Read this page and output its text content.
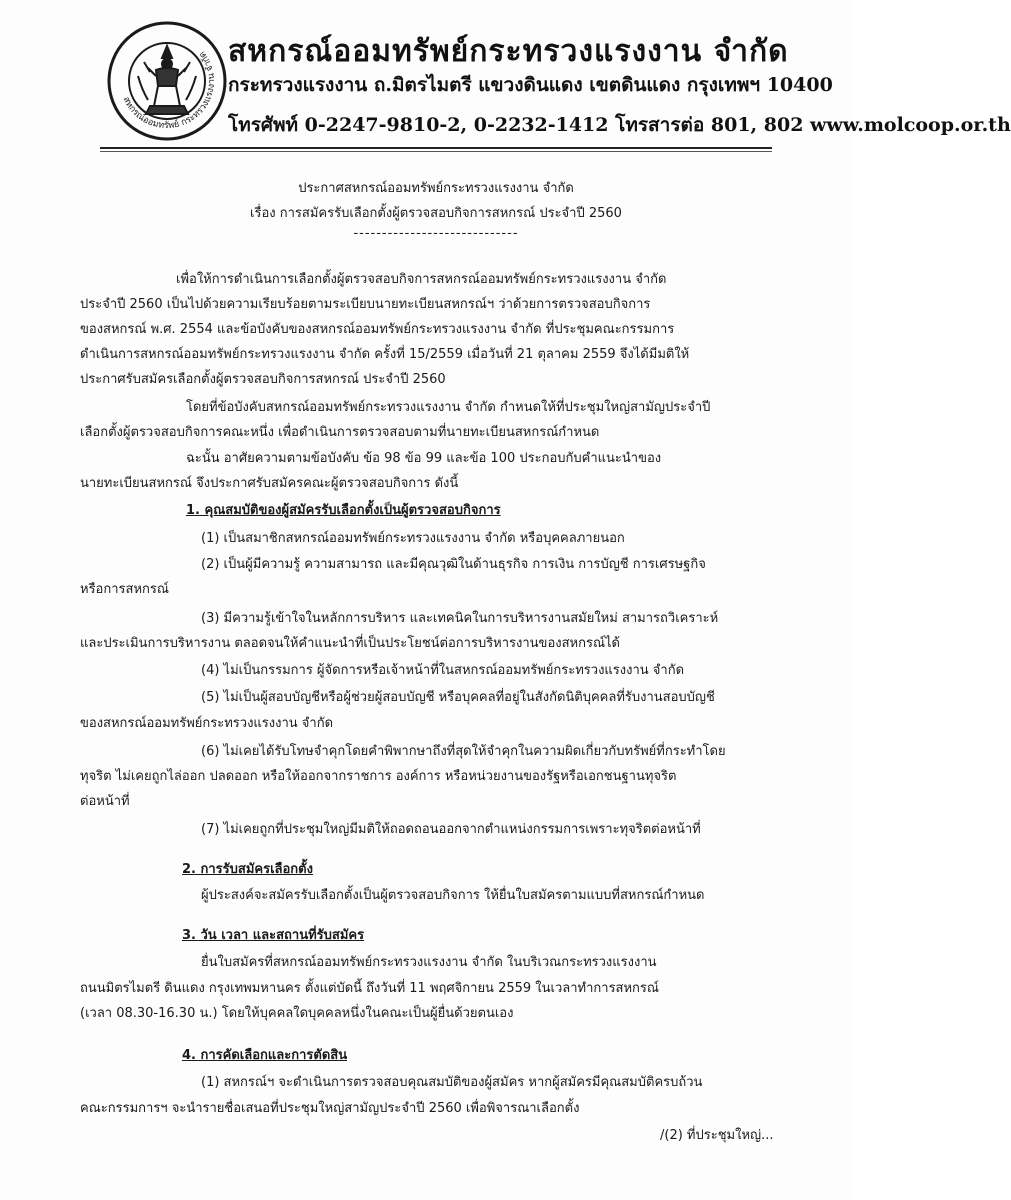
สหกรณ์ออมทรัพย์ กระทรวงแรงงาน จำกัด สหกรณ์ออมทรัพย์กระทรวงแรงงาน จำกัด
กระทรวงแรงงาน ถ.มิตรไมตรี แขวงดินแดง เขตดินแดง กรุงเทพฯ 10400
โทรศัพท์ 0-2247-9810-2, 0-2232-1412 โทรสารต่อ 801, 802 www.molcoop.or.th
ประกาศสหกรณ์ออมทรัพย์กระทรวงแรงงาน จำกัด
เรื่อง การสมัครรับเลือกตั้งผู้ตรวจสอบกิจการสหกรณ์ ประจำปี 2560
-----------------------------
เพื่อให้การดำเนินการเลือกตั้งผู้ตรวจสอบกิจการสหกรณ์ออมทรัพย์กระทรวงแรงงาน จำกัด
ประจำปี 2560 เป็นไปด้วยความเรียบร้อยตามระเบียบนายทะเบียนสหกรณ์ฯ ว่าด้วยการตรวจสอบกิจการ
ของสหกรณ์ พ.ศ. 2554 และข้อบังคับของสหกรณ์ออมทรัพย์กระทรวงแรงงาน จำกัด ที่ประชุมคณะกรรมการ
ดำเนินการสหกรณ์ออมทรัพย์กระทรวงแรงงาน จำกัด ครั้งที่ 15/2559 เมื่อวันที่ 21 ตุลาคม 2559 จึงได้มีมติให้
ประกาศรับสมัครเลือกตั้งผู้ตรวจสอบกิจการสหกรณ์ ประจำปี 2560
โดยที่ข้อบังคับสหกรณ์ออมทรัพย์กระทรวงแรงงาน จำกัด กำหนดให้ที่ประชุมใหญ่สามัญประจำปี
เลือกตั้งผู้ตรวจสอบกิจการคณะหนึ่ง เพื่อดำเนินการตรวจสอบตามที่นายทะเบียนสหกรณ์กำหนด
ฉะนั้น อาศัยความตามข้อบังคับ ข้อ 98 ข้อ 99 และข้อ 100 ประกอบกับคำแนะนำของ
นายทะเบียนสหกรณ์ จึงประกาศรับสมัครคณะผู้ตรวจสอบกิจการ ดังนี้
1. คุณสมบัติของผู้สมัครรับเลือกตั้งเป็นผู้ตรวจสอบกิจการ
(1) เป็นสมาชิกสหกรณ์ออมทรัพย์กระทรวงแรงงาน จำกัด หรือบุคคลภายนอก
(2) เป็นผู้มีความรู้ ความสามารถ และมีคุณวุฒิในด้านธุรกิจ การเงิน การบัญชี การเศรษฐกิจ
หรือการสหกรณ์
(3) มีความรู้เข้าใจในหลักการบริหาร และเทคนิคในการบริหารงานสมัยใหม่ สามารถวิเคราะห์
และประเมินการบริหารงาน ตลอดจนให้คำแนะนำที่เป็นประโยชน์ต่อการบริหารงานของสหกรณ์ได้
(4) ไม่เป็นกรรมการ ผู้จัดการหรือเจ้าหน้าที่ในสหกรณ์ออมทรัพย์กระทรวงแรงงาน จำกัด
(5) ไม่เป็นผู้สอบบัญชีหรือผู้ช่วยผู้สอบบัญชี หรือบุคคลที่อยู่ในสังกัดนิติบุคคลที่รับงานสอบบัญชี
ของสหกรณ์ออมทรัพย์กระทรวงแรงงาน จำกัด
(6) ไม่เคยได้รับโทษจำคุกโดยคำพิพากษาถึงที่สุดให้จำคุกในความผิดเกี่ยวกับทรัพย์ที่กระทำโดย
ทุจริต ไม่เคยถูกไล่ออก ปลดออก หรือให้ออกจากราชการ องค์การ หรือหน่วยงานของรัฐหรือเอกชนฐานทุจริต
ต่อหน้าที่
(7) ไม่เคยถูกที่ประชุมใหญ่มีมติให้ถอดถอนออกจากตำแหน่งกรรมการเพราะทุจริตต่อหน้าที่
2. การรับสมัครเลือกตั้ง
ผู้ประสงค์จะสมัครรับเลือกตั้งเป็นผู้ตรวจสอบกิจการ ให้ยื่นใบสมัครตามแบบที่สหกรณ์กำหนด
3. วัน เวลา และสถานที่รับสมัคร
ยื่นใบสมัครที่สหกรณ์ออมทรัพย์กระทรวงแรงงาน จำกัด ในบริเวณกระทรวงแรงงาน
ถนนมิตรไมตรี ดินแดง กรุงเทพมหานคร ตั้งแต่บัดนี้ ถึงวันที่ 11 พฤศจิกายน 2559 ในเวลาทำการสหกรณ์
(เวลา 08.30-16.30 น.) โดยให้บุคคลใดบุคคลหนึ่งในคณะเป็นผู้ยื่นด้วยตนเอง
4. การคัดเลือกและการตัดสิน
(1) สหกรณ์ฯ จะดำเนินการตรวจสอบคุณสมบัติของผู้สมัคร หากผู้สมัครมีคุณสมบัติครบถ้วน
คณะกรรมการฯ จะนำรายชื่อเสนอที่ประชุมใหญ่สามัญประจำปี 2560 เพื่อพิจารณาเลือกตั้ง
/(2) ที่ประชุมใหญ่...
